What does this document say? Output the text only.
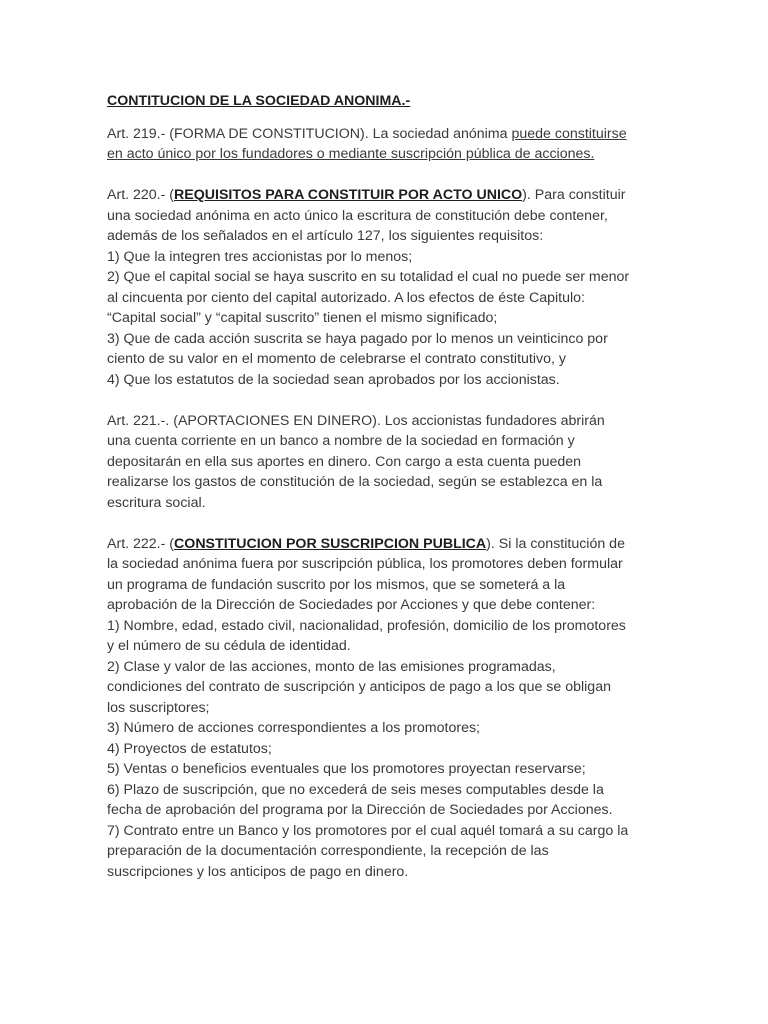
CONTITUCION DE LA SOCIEDAD ANONIMA.-
Art. 219.- (FORMA DE CONSTITUCION). La sociedad anónima puede constituirse
en acto único por los fundadores o mediante suscripción pública de acciones.
Art. 220.- (REQUISITOS PARA CONSTITUIR POR ACTO UNICO). Para constituir
una sociedad anónima en acto único la escritura de constitución debe contener,
además de los señalados en el artículo 127, los siguientes requisitos:
1) Que la integren tres accionistas por lo menos;
2) Que el capital social se haya suscrito en su totalidad el cual no puede ser menor
al cincuenta por ciento del capital autorizado. A los efectos de éste Capitulo:
“Capital social” y “capital suscrito” tienen el mismo significado;
3) Que de cada acción suscrita se haya pagado por lo menos un veinticinco por
ciento de su valor en el momento de celebrarse el contrato constitutivo, y
4) Que los estatutos de la sociedad sean aprobados por los accionistas.
Art. 221.-. (APORTACIONES EN DINERO). Los accionistas fundadores abrirán
una cuenta corriente en un banco a nombre de la sociedad en formación y
depositarán en ella sus aportes en dinero. Con cargo a esta cuenta pueden
realizarse los gastos de constitución de la sociedad, según se establezca en la
escritura social.
Art. 222.- (CONSTITUCION POR SUSCRIPCION PUBLICA). Si la constitución de
la sociedad anónima fuera por suscripción pública, los promotores deben formular
un programa de fundación suscrito por los mismos, que se someterá a la
aprobación de la Dirección de Sociedades por Acciones y que debe contener:
1) Nombre, edad, estado civil, nacionalidad, profesión, domicilio de los promotores
y el número de su cédula de identidad.
2) Clase y valor de las acciones, monto de las emisiones programadas,
condiciones del contrato de suscripción y anticipos de pago a los que se obligan
los suscriptores;
3) Número de acciones correspondientes a los promotores;
4) Proyectos de estatutos;
5) Ventas o beneficios eventuales que los promotores proyectan reservarse;
6) Plazo de suscripción, que no excederá de seis meses computables desde la
fecha de aprobación del programa por la Dirección de Sociedades por Acciones.
7) Contrato entre un Banco y los promotores por el cual aquél tomará a su cargo la
preparación de la documentación correspondiente, la recepción de las
suscripciones y los anticipos de pago en dinero.
